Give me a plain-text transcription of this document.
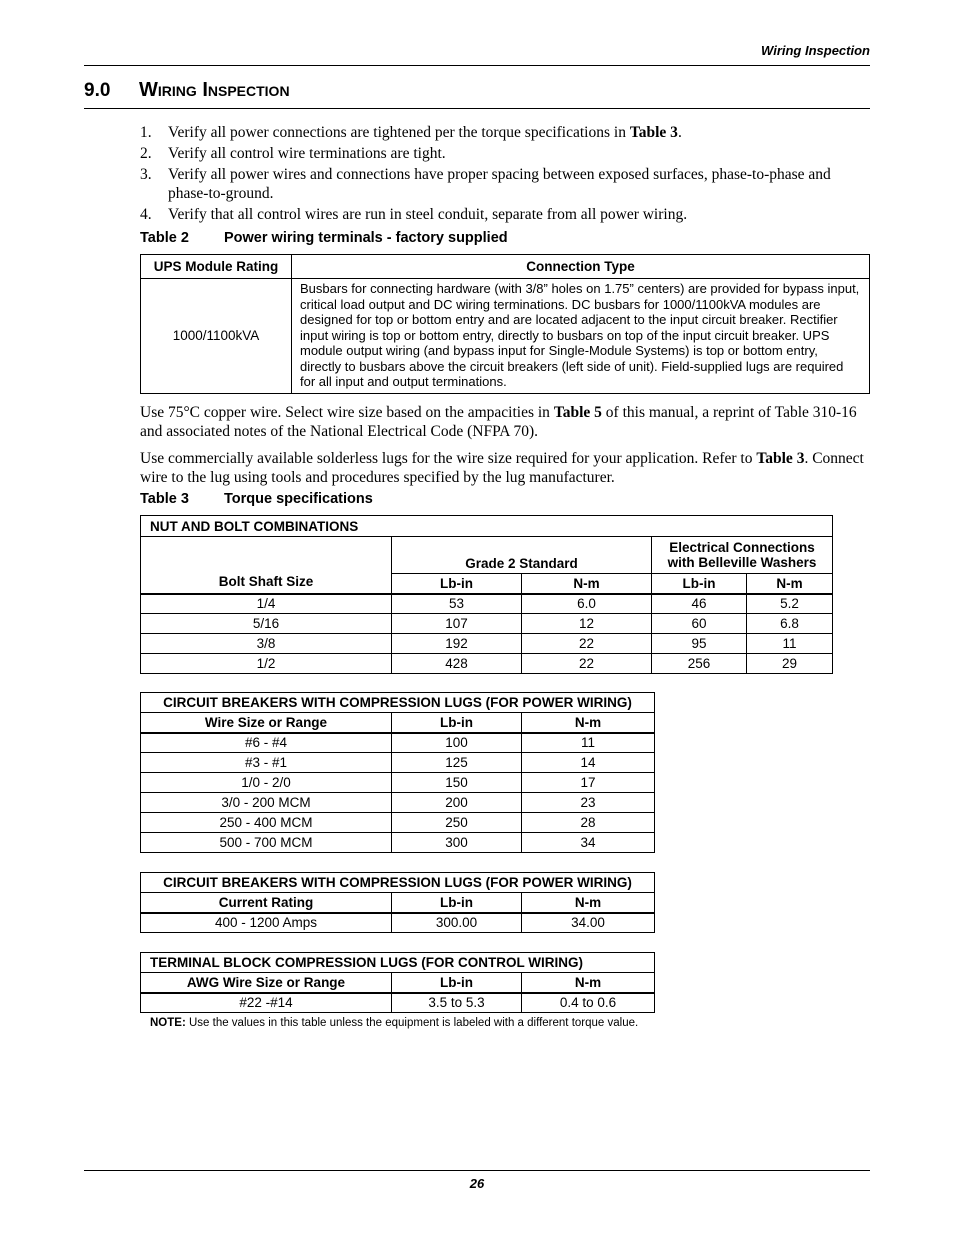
Wiring Inspection
9.0 Wiring Inspection
1. Verify all power connections are tightened per the torque specifications in Table 3.
2. Verify all control wire terminations are tight.
3. Verify all power wires and connections have proper spacing between exposed surfaces, phase-to-phase and phase-to-ground.
4. Verify that all control wires are run in steel conduit, separate from all power wiring.
Table 2 Power wiring terminals - factory supplied
UPS Module Rating	Connection Type
1000/1100kVA	Busbars for connecting hardware (with 3/8” holes on 1.75” centers) are provided for bypass input, critical load output and DC wiring terminations. DC busbars for 1000/1100kVA modules are designed for top or bottom entry and are located adjacent to the input circuit breaker. Rectifier input wiring is top or bottom entry, directly to busbars on top of the input circuit breaker. UPS module output wiring (and bypass input for Single-Module Systems) is top or bottom entry, directly to busbars above the circuit breakers (left side of unit). Field-supplied lugs are required for all input and output terminations.
Use 75°C copper wire. Select wire size based on the ampacities in Table 5 of this manual, a reprint of Table 310-16 and associated notes of the National Electrical Code (NFPA 70).
Use commercially available solderless lugs for the wire size required for your application. Refer to Table 3. Connect wire to the lug using tools and procedures specified by the lug manufacturer.
Table 3 Torque specifications
NUT AND BOLT COMBINATIONS				
Bolt Shaft Size	Grade 2 Standard		Electrical Connections with Belleville Washers	
	Lb-in	N-m	Lb-in	N-m
1/4	53	6.0	46	5.2
5/16	107	12	60	6.8
3/8	192	22	95	11
1/2	428	22	256	29
CIRCUIT BREAKERS WITH COMPRESSION LUGS (FOR POWER WIRING)		
Wire Size or Range	Lb-in	N-m
#6 - #4	100	11
#3 - #1	125	14
1/0 - 2/0	150	17
3/0 - 200 MCM	200	23
250 - 400 MCM	250	28
500 - 700 MCM	300	34
CIRCUIT BREAKERS WITH COMPRESSION LUGS (FOR POWER WIRING)		
Current Rating	Lb-in	N-m
400 - 1200 Amps	300.00	34.00
TERMINAL BLOCK COMPRESSION LUGS (FOR CONTROL WIRING)		
AWG Wire Size or Range	Lb-in	N-m
#22 -#14	3.5 to 5.3	0.4 to 0.6
NOTE: Use the values in this table unless the equipment is labeled with a different torque value.
26
